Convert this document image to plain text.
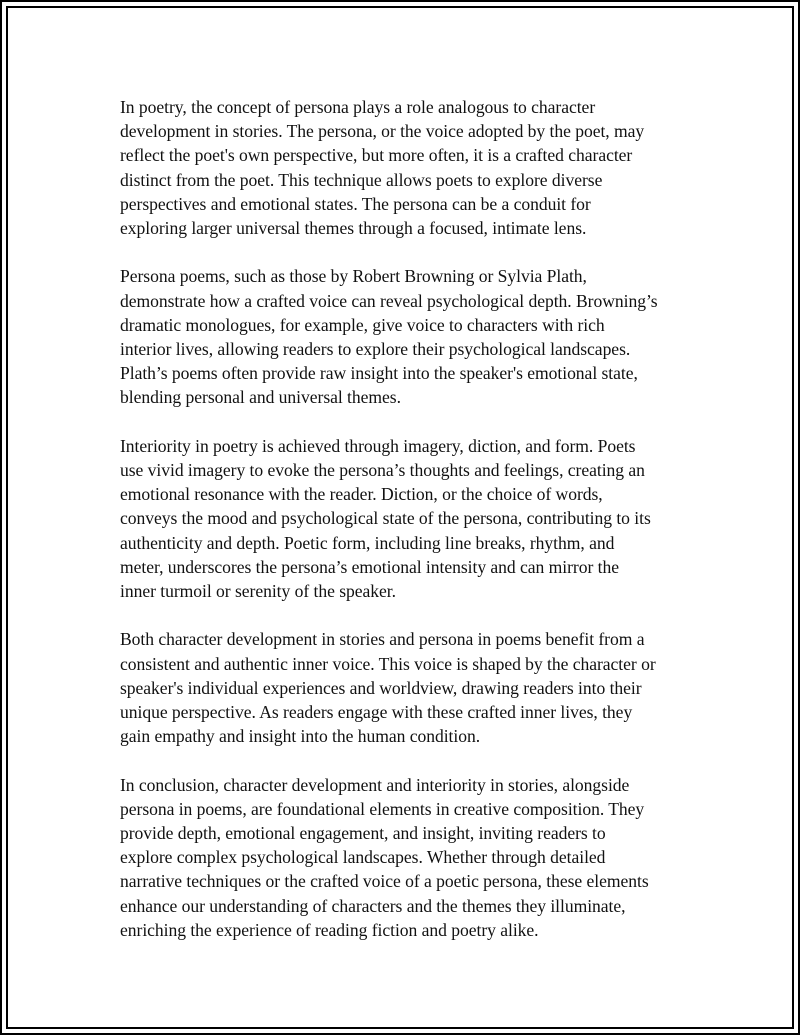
In poetry, the concept of persona plays a role analogous to character
development in stories. The persona, or the voice adopted by the poet, may
reflect the poet's own perspective, but more often, it is a crafted character
distinct from the poet. This technique allows poets to explore diverse
perspectives and emotional states. The persona can be a conduit for
exploring larger universal themes through a focused, intimate lens.

Persona poems, such as those by Robert Browning or Sylvia Plath,
demonstrate how a crafted voice can reveal psychological depth. Browning’s
dramatic monologues, for example, give voice to characters with rich
interior lives, allowing readers to explore their psychological landscapes.
Plath’s poems often provide raw insight into the speaker's emotional state,
blending personal and universal themes.

Interiority in poetry is achieved through imagery, diction, and form. Poets
use vivid imagery to evoke the persona’s thoughts and feelings, creating an
emotional resonance with the reader. Diction, or the choice of words,
conveys the mood and psychological state of the persona, contributing to its
authenticity and depth. Poetic form, including line breaks, rhythm, and
meter, underscores the persona’s emotional intensity and can mirror the
inner turmoil or serenity of the speaker.

Both character development in stories and persona in poems benefit from a
consistent and authentic inner voice. This voice is shaped by the character or
speaker's individual experiences and worldview, drawing readers into their
unique perspective. As readers engage with these crafted inner lives, they
gain empathy and insight into the human condition.

In conclusion, character development and interiority in stories, alongside
persona in poems, are foundational elements in creative composition. They
provide depth, emotional engagement, and insight, inviting readers to
explore complex psychological landscapes. Whether through detailed
narrative techniques or the crafted voice of a poetic persona, these elements
enhance our understanding of characters and the themes they illuminate,
enriching the experience of reading fiction and poetry alike.
